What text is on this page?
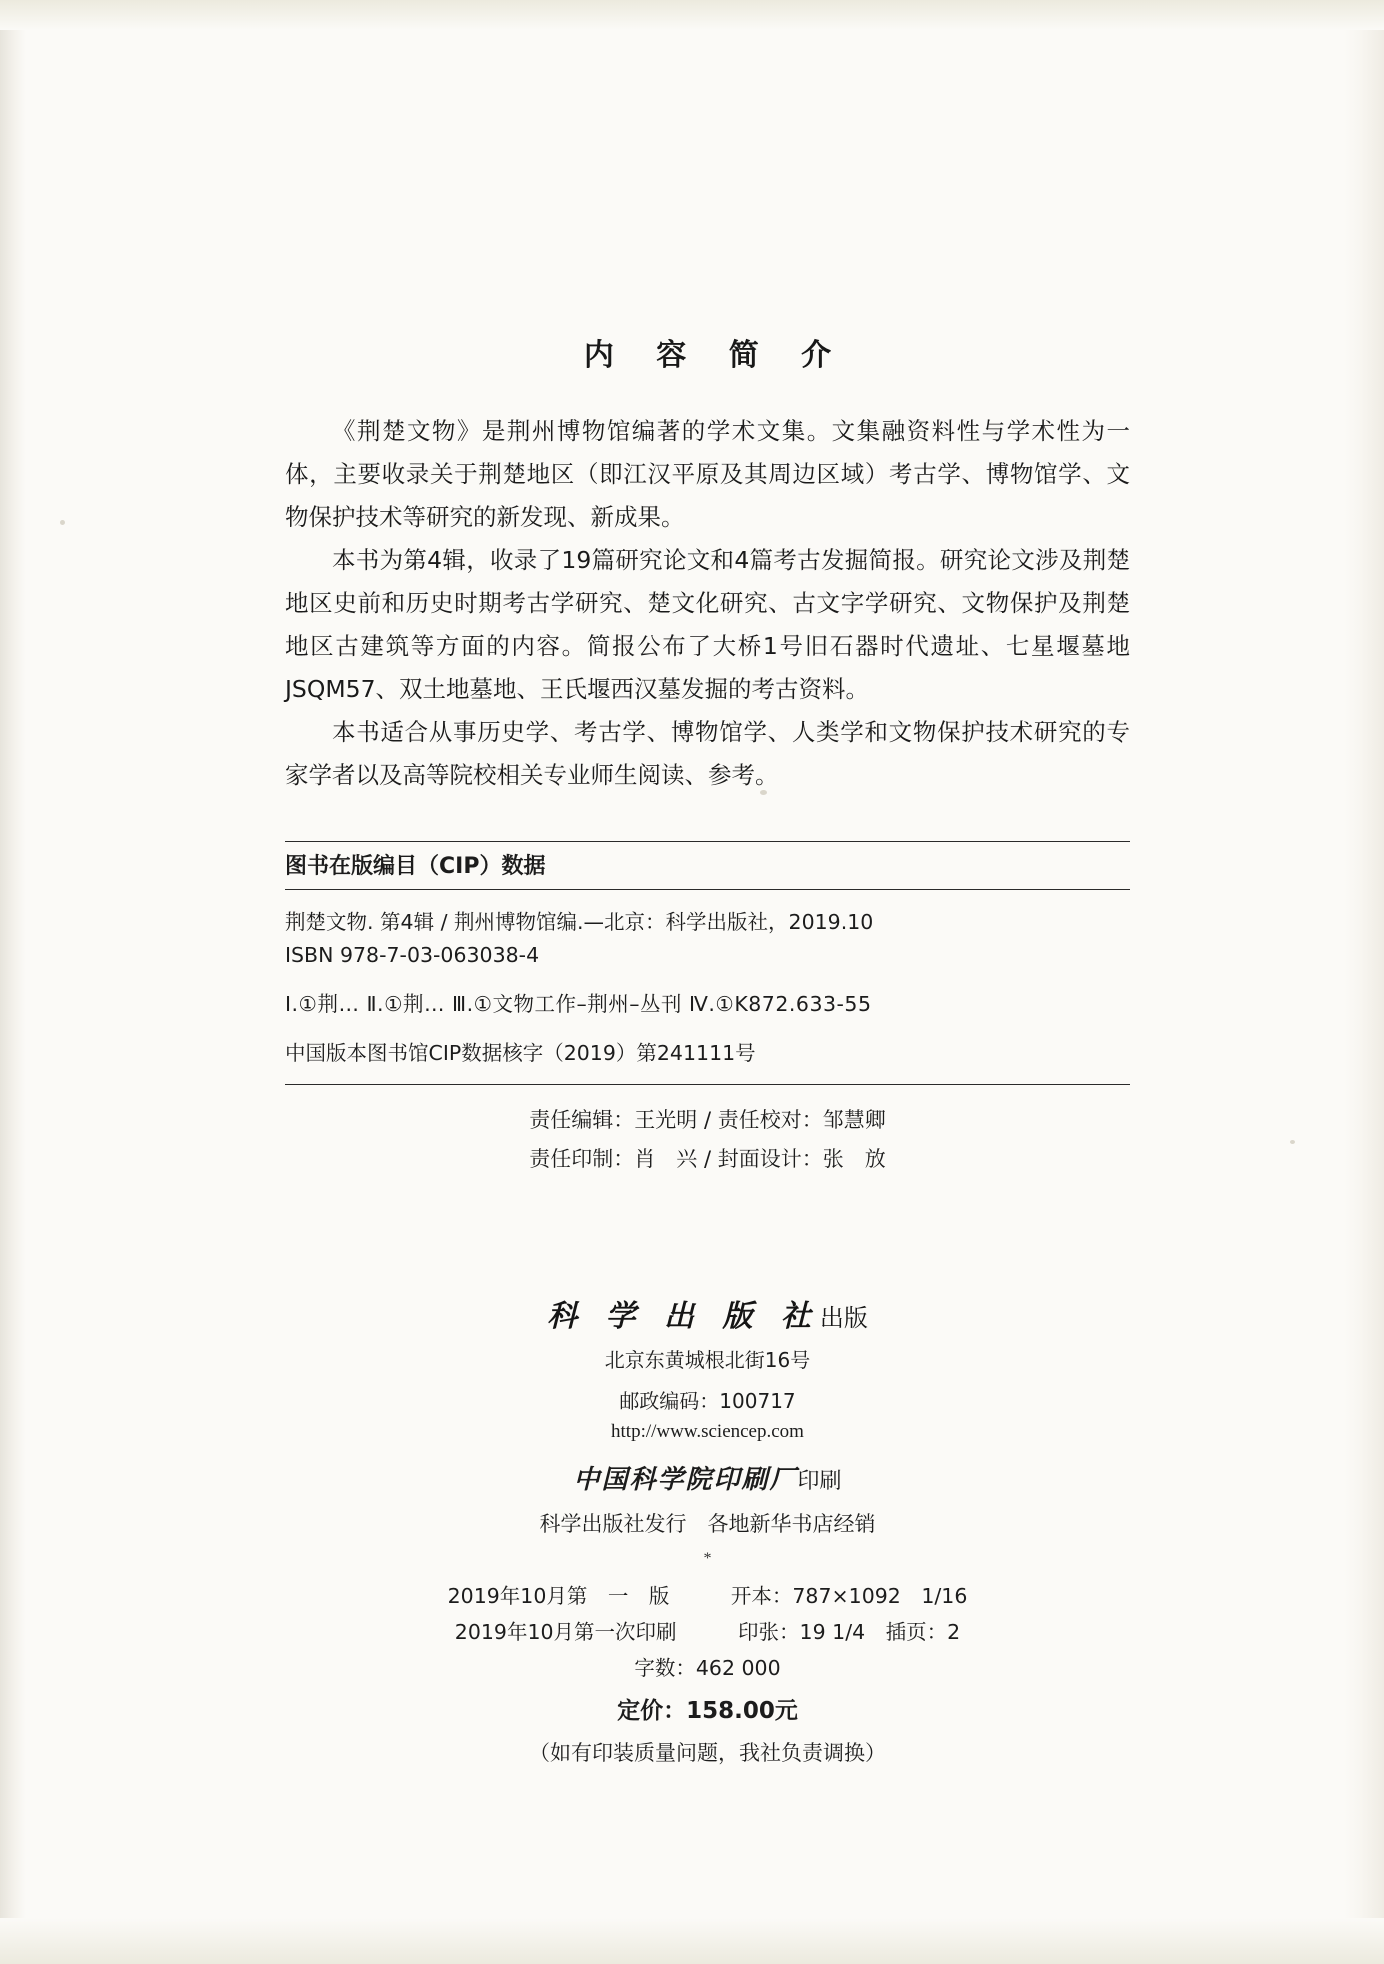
内 容 简 介

《荆楚文物》是荆州博物馆编著的学术文集。文集融资料性与学术性为一体，主要收录关于荆楚地区（即江汉平原及其周边区域）考古学、博物馆学、文物保护技术等研究的新发现、新成果。

本书为第4辑，收录了19篇研究论文和4篇考古发掘简报。研究论文涉及荆楚地区史前和历史时期考古学研究、楚文化研究、古文字学研究、文物保护及荆楚地区古建筑等方面的内容。简报公布了大桥1号旧石器时代遗址、七星堰墓地JSQM57、双土地墓地、王氏堰西汉墓发掘的考古资料。

本书适合从事历史学、考古学、博物馆学、人类学和文物保护技术研究的专家学者以及高等院校相关专业师生阅读、参考。

图书在版编目（CIP）数据
荆楚文物. 第4辑 / 荆州博物馆编.—北京：科学出版社，2019.10
ISBN 978-7-03-063038-4
Ⅰ.①荆… Ⅱ.①荆… Ⅲ.①文物工作–荆州–丛刊 Ⅳ.①K872.633-55
中国版本图书馆CIP数据核字（2019）第241111号
责任编辑：王光明 / 责任校对：邹慧卿
责任印制：肖　兴 / 封面设计：张　放
科 学 出 版 社出版
北京东黄城根北街16号
邮政编码：100717
http://www.sciencep.com
中国科学院印刷厂印刷
科学出版社发行　各地新华书店经销
*
2019年10月第　一　版　　　开本：787×1092　1/16
2019年10月第一次印刷　　　印张：19 1/4　插页：2
字数：462 000
定价：158.00元
（如有印装质量问题，我社负责调换）
